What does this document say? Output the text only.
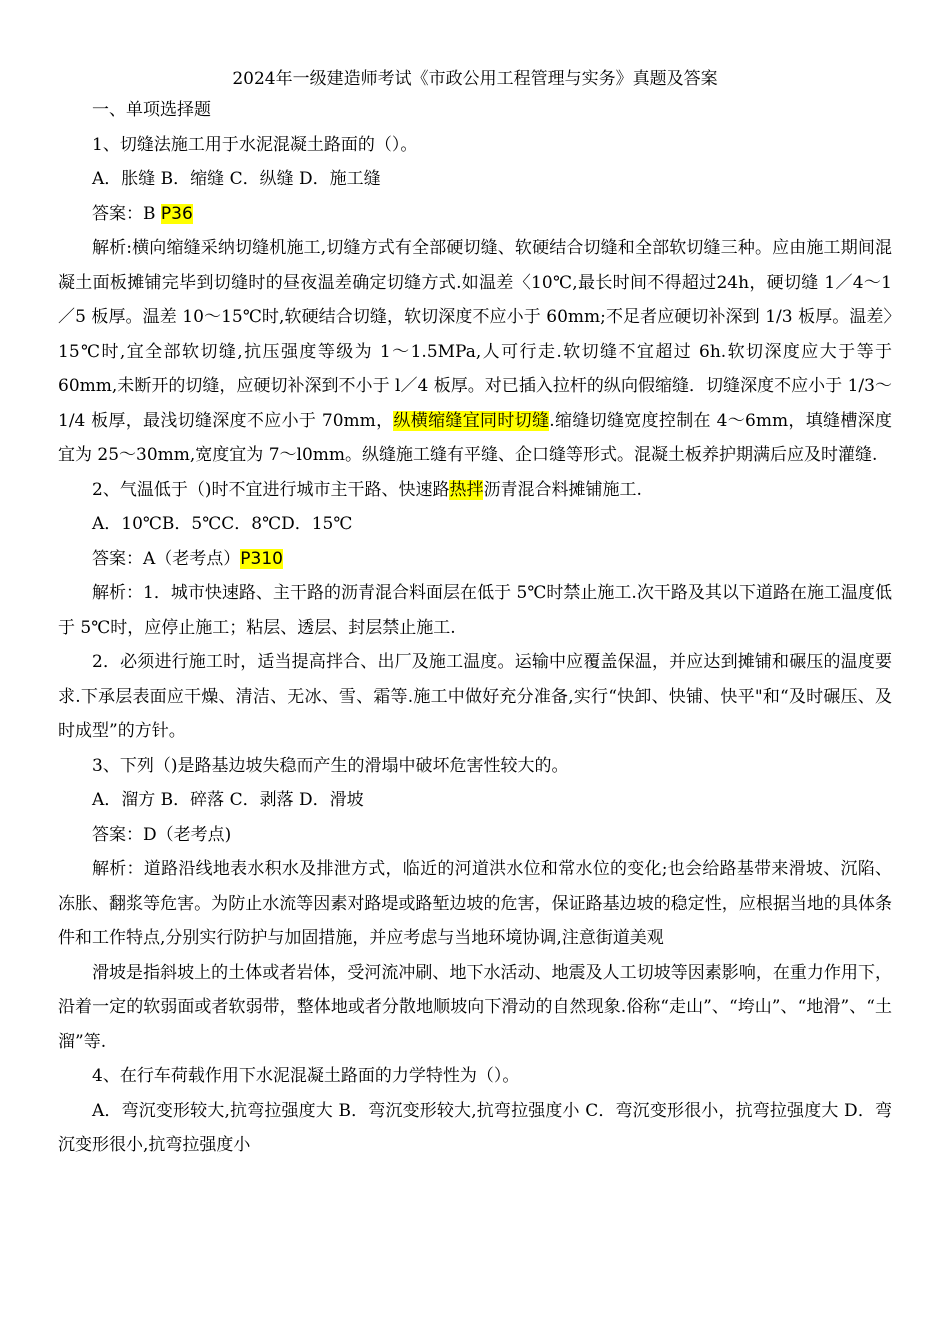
2024年一级建造师考试《市政公用工程管理与实务》真题及答案

一、单项选择题

1、切缝法施工用于水泥混凝土路面的（）。

A．胀缝 B．缩缝 C．纵缝 D．施工缝

答案：B P36

解析:横向缩缝采纳切缝机施工,切缝方式有全部硬切缝、软硬结合切缝和全部软切缝三种。应由施工期间混凝土面板摊铺完毕到切缝时的昼夜温差确定切缝方式.如温差〈10℃,最长时间不得超过24h，硬切缝 1／4～1／5 板厚。温差 10～15℃时,软硬结合切缝，软切深度不应小于 60mm;不足者应硬切补深到 1/3 板厚。温差〉15℃时,宜全部软切缝,抗压强度等级为 1～1.5MPa,人可行走.软切缝不宜超过 6h.软切深度应大于等于 60mm,未断开的切缝，应硬切补深到不小于 l／4 板厚。对已插入拉杆的纵向假缩缝．切缝深度不应小于 1/3～1/4 板厚，最浅切缝深度不应小于 70mm，纵横缩缝宜同时切缝.缩缝切缝宽度控制在 4～6mm，填缝槽深度宜为 25～30mm,宽度宜为 7～l0mm。纵缝施工缝有平缝、企口缝等形式。混凝土板养护期满后应及时灌缝.

2、气温低于（)时不宜进行城市主干路、快速路热拌沥青混合料摊铺施工.

A．10℃B．5℃C．8℃D．15℃

答案：A（老考点）P310

解析：1．城市快速路、主干路的沥青混合料面层在低于 5℃时禁止施工.次干路及其以下道路在施工温度低于 5℃时，应停止施工；粘层、透层、封层禁止施工.

2．必须进行施工时，适当提高拌合、出厂及施工温度。运输中应覆盖保温，并应达到摊铺和碾压的温度要求.下承层表面应干燥、清洁、无冰、雪、霜等.施工中做好充分准备,实行“快卸、快铺、快平"和“及时碾压、及时成型”的方针。

3、下列（)是路基边坡失稳而产生的滑塌中破坏危害性较大的。

A．溜方 B．碎落 C．剥落 D．滑坡

答案：D（老考点)

解析：道路沿线地表水积水及排泄方式，临近的河道洪水位和常水位的变化;也会给路基带来滑坡、沉陷、冻胀、翻浆等危害。为防止水流等因素对路堤或路堑边坡的危害，保证路基边坡的稳定性，应根据当地的具体条件和工作特点,分别实行防护与加固措施，并应考虑与当地环境协调,注意街道美观

滑坡是指斜坡上的土体或者岩体，受河流冲刷、地下水活动、地震及人工切坡等因素影响，在重力作用下，沿着一定的软弱面或者软弱带，整体地或者分散地顺坡向下滑动的自然现象.俗称“走山”、“垮山”、“地滑”、“土溜”等.

4、在行车荷载作用下水泥混凝土路面的力学特性为（）。

A．弯沉变形较大,抗弯拉强度大 B．弯沉变形较大,抗弯拉强度小 C．弯沉变形很小，抗弯拉强度大 D．弯沉变形很小,抗弯拉强度小
